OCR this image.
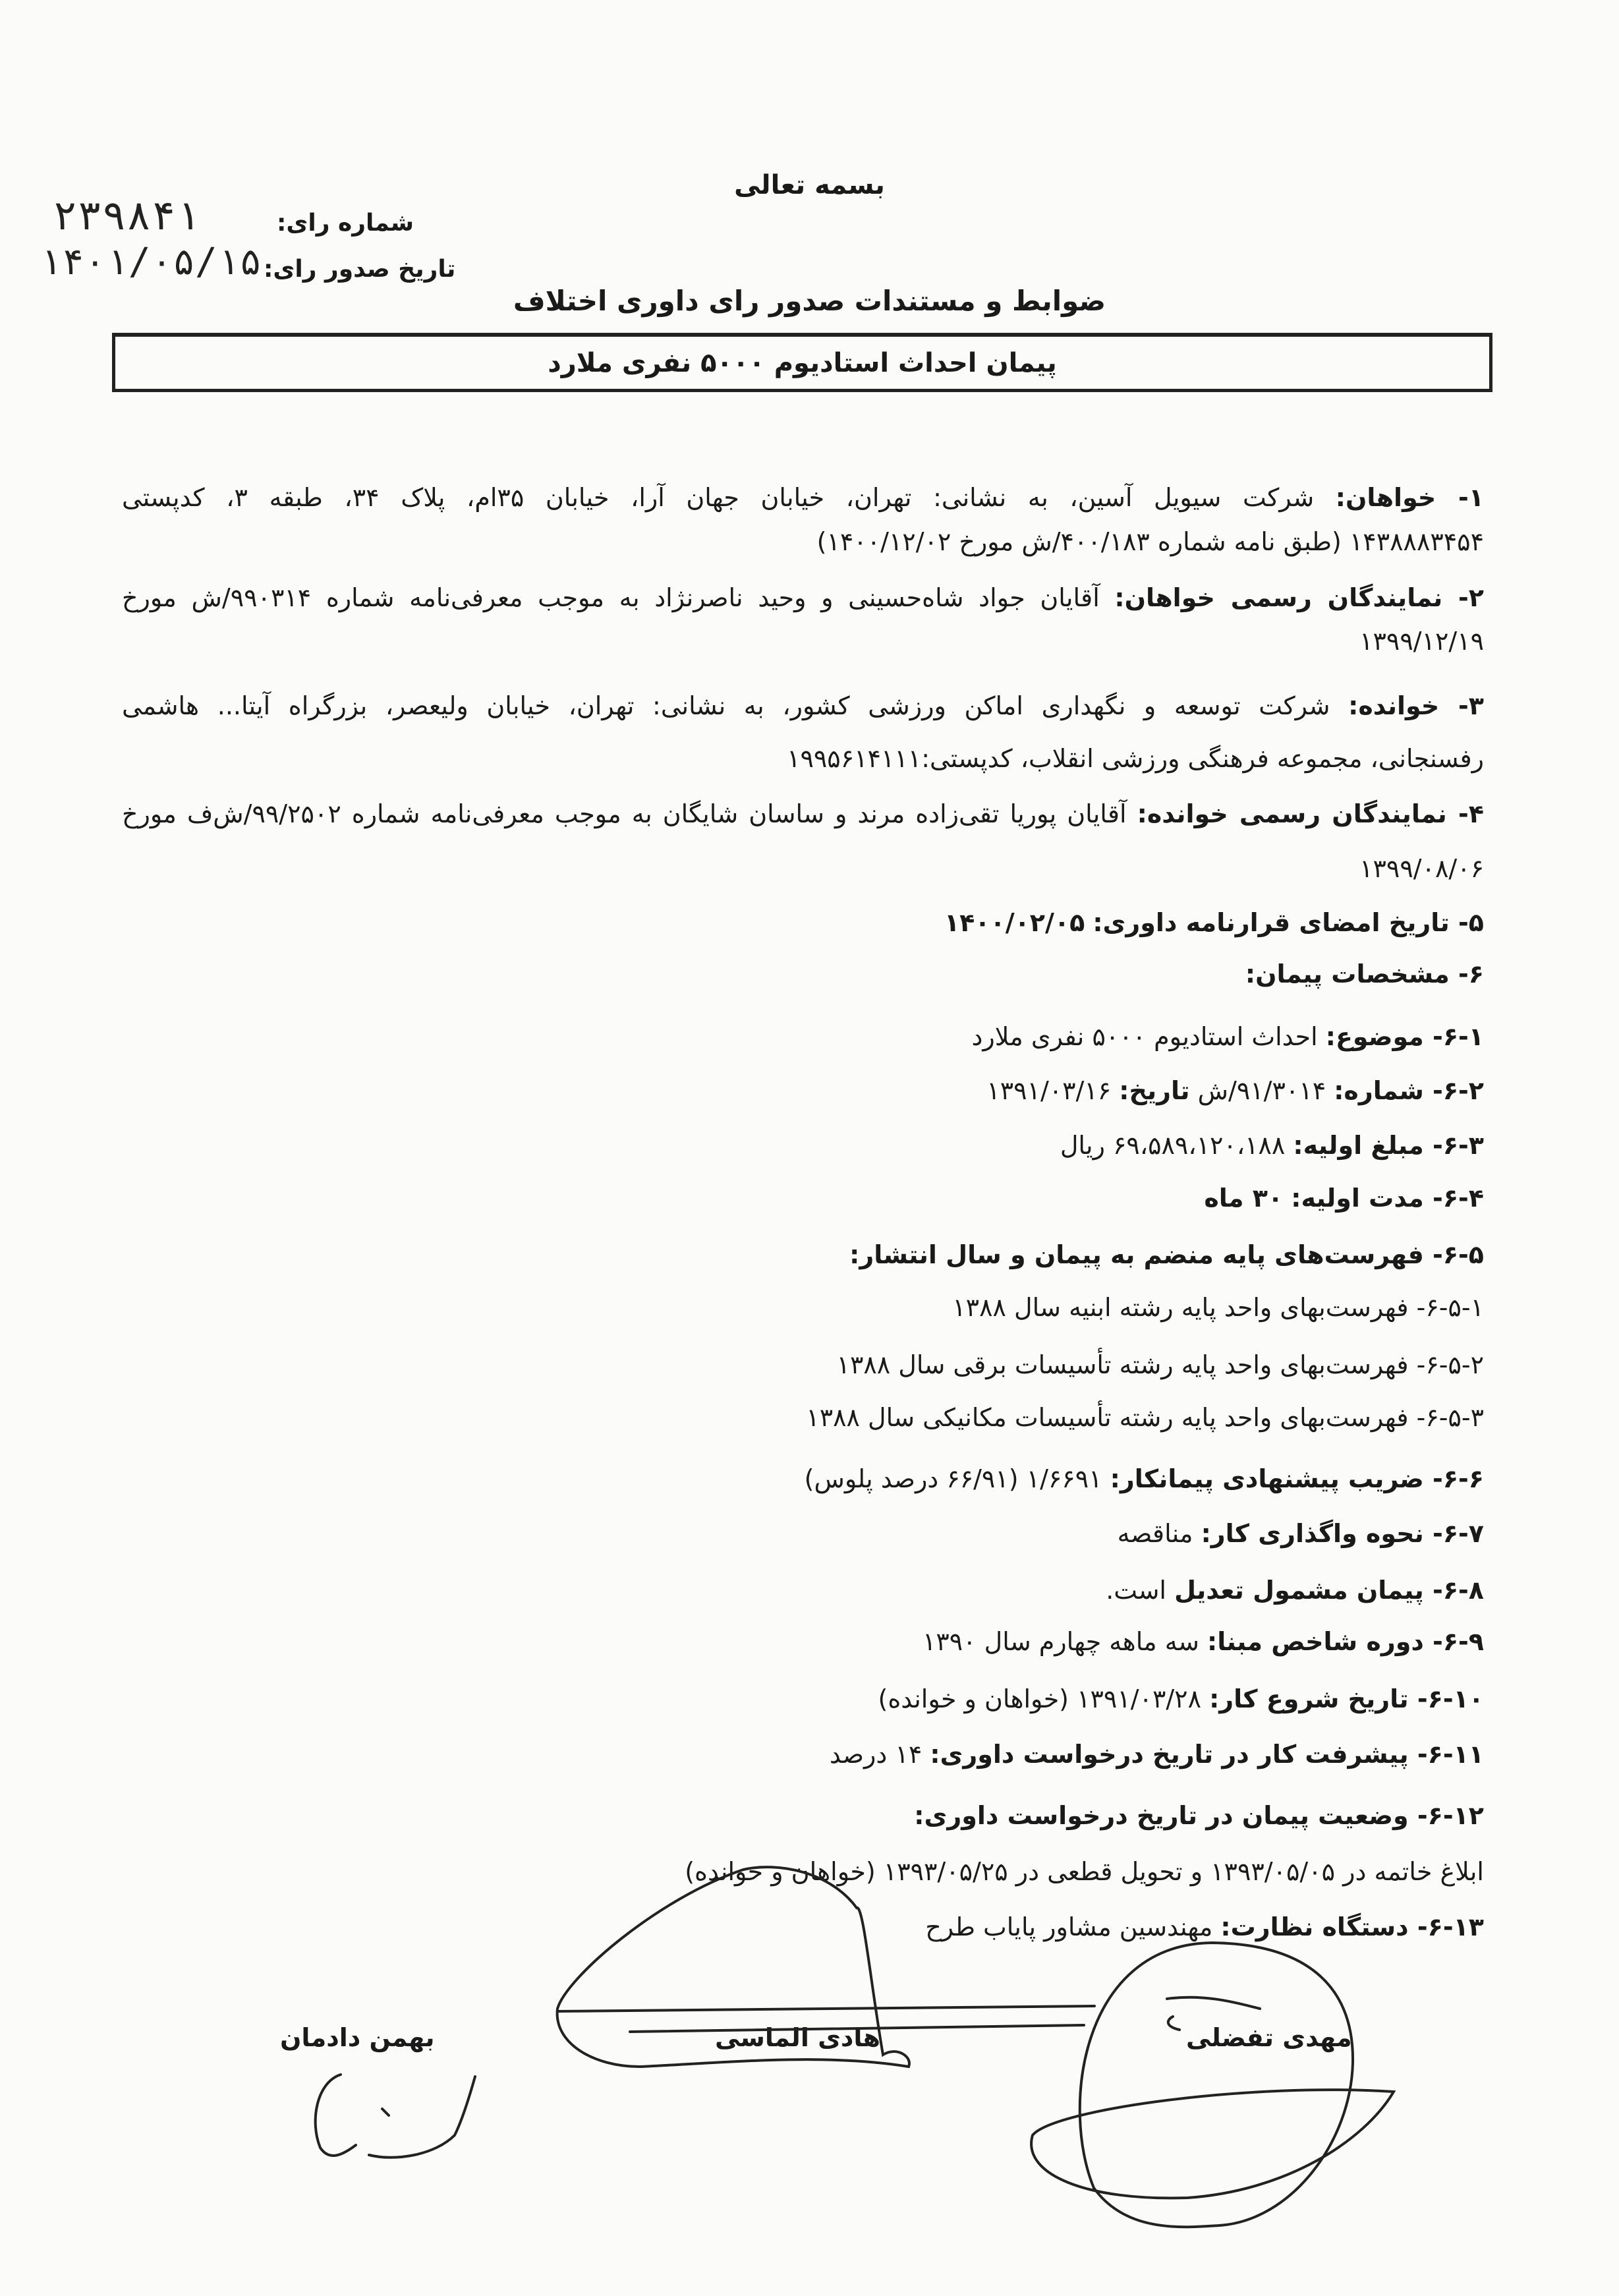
بسمه تعالی
شماره رای:
۲۳۹۸۴۱
تاریخ صدور رای:
۱۴۰۱/۰۵/۱۵
ضوابط و مستندات صدور رای داوری اختلاف
پیمان احداث استادیوم ۵۰۰۰ نفری ملارد
۱- خواهان: شرکت سیویل آسین، به نشانی: تهران، خیابان جهان آرا، خیابان ۳۵ام، پلاک ۳۴، طبقه ۳، کدپستی
۱۴۳۸۸۸۳۴۵۴ (طبق نامه شماره ۴۰۰/۱۸۳/ش مورخ ۱۴۰۰/۱۲/۰۲)
۲- نمایندگان رسمی خواهان: آقایان جواد شاه‌حسینی و وحید ناصرنژاد به موجب معرفی‌نامه شماره ۹۹۰۳۱۴/ش مورخ
۱۳۹۹/۱۲/۱۹
۳- خوانده: شرکت توسعه و نگهداری اماکن ورزشی کشور، به نشانی: تهران، خیابان ولیعصر، بزرگراه آیتا... هاشمی
رفسنجانی، مجموعه فرهنگی ورزشی انقلاب، کدپستی:۱۹۹۵۶۱۴۱۱۱
۴- نمایندگان رسمی خوانده: آقایان پوریا تقی‌زاده مرند و ساسان شایگان به موجب معرفی‌نامه شماره ۹۹/۲۵۰۲/ش‌ف مورخ
۱۳۹۹/۰۸/۰۶
۵- تاریخ امضای قرارنامه داوری: ۱۴۰۰/۰۲/۰۵
۶- مشخصات پیمان:
۶-۱- موضوع: احداث استادیوم ۵۰۰۰ نفری ملارد
۶-۲- شماره: ۹۱/۳۰۱۴/ش تاریخ: ۱۳۹۱/۰۳/۱۶
۶-۳- مبلغ اولیه: ۶۹،۵۸۹،۱۲۰،۱۸۸ ریال
۶-۴- مدت اولیه: ۳۰ ماه
۶-۵- فهرست‌های پایه منضم به پیمان و سال انتشار:
۶-۵-۱- فهرست‌بهای واحد پایه رشته ابنیه سال ۱۳۸۸
۶-۵-۲- فهرست‌بهای واحد پایه رشته تأسیسات برقی سال ۱۳۸۸
۶-۵-۳- فهرست‌بهای واحد پایه رشته تأسیسات مکانیکی سال ۱۳۸۸
۶-۶- ضریب پیشنهادی پیمانکار: ۱/۶۶۹۱ (۶۶/۹۱ درصد پلوس)
۶-۷- نحوه واگذاری کار: مناقصه
۶-۸- پیمان مشمول تعدیل است.
۶-۹- دوره شاخص مبنا: سه ماهه چهارم سال ۱۳۹۰
۶-۱۰- تاریخ شروع کار: ۱۳۹۱/۰۳/۲۸ (خواهان و خوانده)
۶-۱۱- پیشرفت کار در تاریخ درخواست داوری: ۱۴ درصد
۶-۱۲- وضعیت پیمان در تاریخ درخواست داوری:
ابلاغ خاتمه در ۱۳۹۳/۰۵/۰۵ و تحویل قطعی در ۱۳۹۳/۰۵/۲۵ (خواهان و خوانده)
۶-۱۳- دستگاه نظارت: مهندسین مشاور پایاب طرح
مهدی تفضلی
هادی الماسی
بهمن دادمان
